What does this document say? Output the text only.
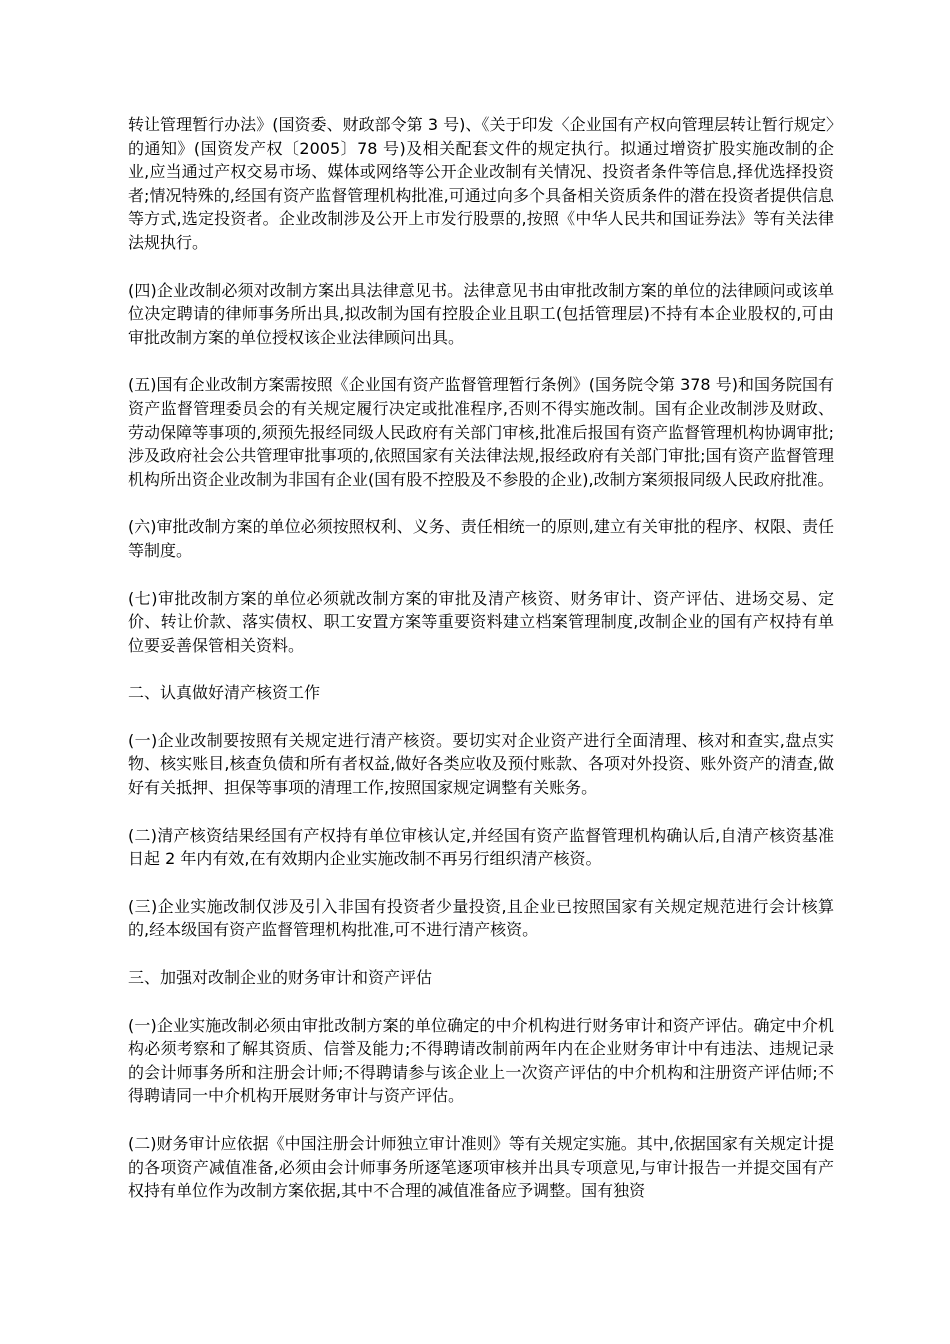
转让管理暂行办法》(国资委、财政部令第 3 号)、《关于印发〈企业国有产权向管理层转让暂行规定〉的通知》(国资发产权〔2005〕78 号)及相关配套文件的规定执行。拟通过增资扩股实施改制的企业,应当通过产权交易市场、媒体或网络等公开企业改制有关情况、投资者条件等信息,择优选择投资者;情况特殊的,经国有资产监督管理机构批准,可通过向多个具备相关资质条件的潜在投资者提供信息等方式,选定投资者。企业改制涉及公开上市发行股票的,按照《中华人民共和国证券法》等有关法律法规执行。

(四)企业改制必须对改制方案出具法律意见书。法律意见书由审批改制方案的单位的法律顾问或该单位决定聘请的律师事务所出具,拟改制为国有控股企业且职工(包括管理层)不持有本企业股权的,可由审批改制方案的单位授权该企业法律顾问出具。

(五)国有企业改制方案需按照《企业国有资产监督管理暂行条例》(国务院令第 378 号)和国务院国有资产监督管理委员会的有关规定履行决定或批准程序,否则不得实施改制。国有企业改制涉及财政、劳动保障等事项的,须预先报经同级人民政府有关部门审核,批准后报国有资产监督管理机构协调审批;涉及政府社会公共管理审批事项的,依照国家有关法律法规,报经政府有关部门审批;国有资产监督管理机构所出资企业改制为非国有企业(国有股不控股及不参股的企业),改制方案须报同级人民政府批准。

(六)审批改制方案的单位必须按照权利、义务、责任相统一的原则,建立有关审批的程序、权限、责任等制度。

(七)审批改制方案的单位必须就改制方案的审批及清产核资、财务审计、资产评估、进场交易、定价、转让价款、落实债权、职工安置方案等重要资料建立档案管理制度,改制企业的国有产权持有单位要妥善保管相关资料。

二、认真做好清产核资工作

(一)企业改制要按照有关规定进行清产核资。要切实对企业资产进行全面清理、核对和查实,盘点实物、核实账目,核查负债和所有者权益,做好各类应收及预付账款、各项对外投资、账外资产的清查,做好有关抵押、担保等事项的清理工作,按照国家规定调整有关账务。

(二)清产核资结果经国有产权持有单位审核认定,并经国有资产监督管理机构确认后,自清产核资基准日起 2 年内有效,在有效期内企业实施改制不再另行组织清产核资。

(三)企业实施改制仅涉及引入非国有投资者少量投资,且企业已按照国家有关规定规范进行会计核算的,经本级国有资产监督管理机构批准,可不进行清产核资。

三、加强对改制企业的财务审计和资产评估

(一)企业实施改制必须由审批改制方案的单位确定的中介机构进行财务审计和资产评估。确定中介机构必须考察和了解其资质、信誉及能力;不得聘请改制前两年内在企业财务审计中有违法、违规记录的会计师事务所和注册会计师;不得聘请参与该企业上一次资产评估的中介机构和注册资产评估师;不得聘请同一中介机构开展财务审计与资产评估。

(二)财务审计应依据《中国注册会计师独立审计准则》等有关规定实施。其中,依据国家有关规定计提的各项资产减值准备,必须由会计师事务所逐笔逐项审核并出具专项意见,与审计报告一并提交国有产权持有单位作为改制方案依据,其中不合理的减值准备应予调整。国有独资
